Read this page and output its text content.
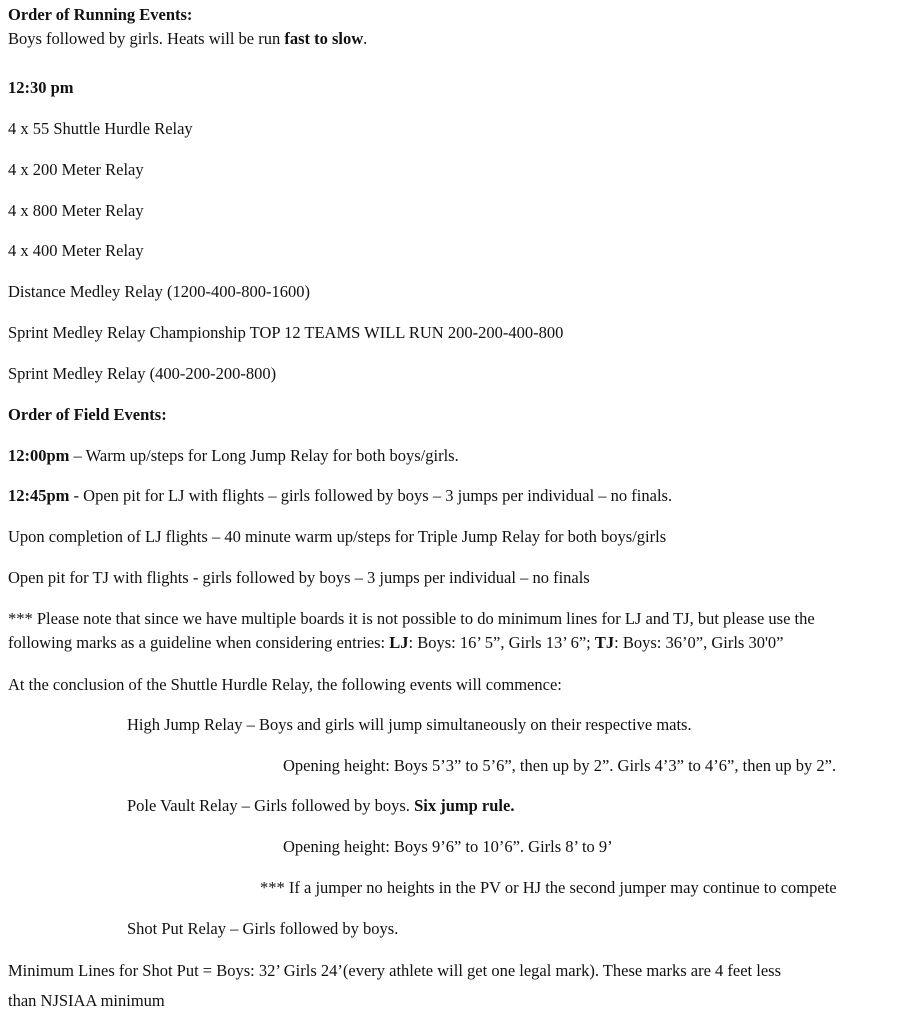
Order of Running Events:
Boys followed by girls. Heats will be run fast to slow.
12:30 pm
4 x 55 Shuttle Hurdle Relay
4 x 200 Meter Relay
4 x 800 Meter Relay
4 x 400 Meter Relay
Distance Medley Relay (1200-400-800-1600)
Sprint Medley Relay Championship TOP 12 TEAMS WILL RUN 200-200-400-800
Sprint Medley Relay (400-200-200-800)
Order of Field Events:
12:00pm – Warm up/steps for Long Jump Relay for both boys/girls.
12:45pm - Open pit for LJ with flights – girls followed by boys – 3 jumps per individual – no finals.
Upon completion of LJ flights – 40 minute warm up/steps for Triple Jump Relay for both boys/girls
Open pit for TJ with flights - girls followed by boys – 3 jumps per individual – no finals
*** Please note that since we have multiple boards it is not possible to do minimum lines for LJ and TJ, but please use the
following marks as a guideline when considering entries: LJ: Boys: 16’ 5”, Girls 13’ 6”; TJ: Boys: 36’0”, Girls 30'0”
At the conclusion of the Shuttle Hurdle Relay, the following events will commence:
High Jump Relay – Boys and girls will jump simultaneously on their respective mats.
Opening height: Boys 5’3” to 5’6”, then up by 2”. Girls 4’3” to 4’6”, then up by 2”.
Pole Vault Relay – Girls followed by boys. Six jump rule.
Opening height: Boys 9’6” to 10’6”. Girls 8’ to 9’
*** If a jumper no heights in the PV or HJ the second jumper may continue to compete
Shot Put Relay – Girls followed by boys.
Minimum Lines for Shot Put = Boys: 32’ Girls 24’(every athlete will get one legal mark). These marks are 4 feet less
than NJSIAA minimum
